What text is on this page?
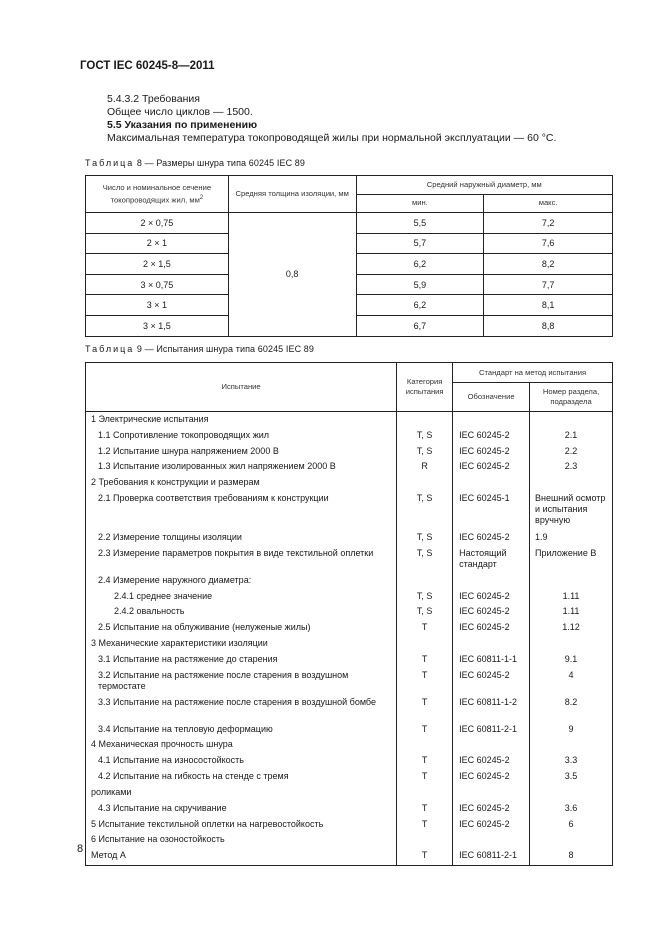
ГОСТ IEC 60245-8—2011
5.4.3.2 Требования
Общее число циклов — 1500.
5.5 Указания по применению
Максимальная температура токопроводящей жилы при нормальной эксплуатации — 60 °С.
Таблица 8 — Размеры шнура типа 60245 IEC 89
Число и номинальное сечение токопроводящих жил, $мм^2$	Средняя толщина изоляции, мм	Средний наружный диаметр, мм	
		мин.	макс.
2 × 0,75	0,8	5,5	7,2
2 × 1		5,7	7,6
2 × 1,5		6,2	8,2
3 × 0,75		5,9	7,7
3 × 1		6,2	8,1
3 × 1,5		6,7	8,8
Таблица 9 — Испытания шнура типа 60245 IEC 89
Испытание	Категория испытания	Стандарт на метод испытания	
		Обозначение	Номер раздела, подраздела
1 Электрические испытания			
1.1 Сопротивление токопроводящих жил	T, S	IEC 60245-2	2.1
1.2 Испытание шнура напряжением 2000 В	T, S	IEC 60245-2	2.2
1.3 Испытание изолированных жил напряжением 2000 В	R	IEC 60245-2	2.3
2 Требования к конструкции и размерам			
2.1 Проверка соответствия требованиям к конструкции	T, S	IEC 60245-1	Внешний осмотр и испытания вручную
2.2 Измерение толщины изоляции	T, S	IEC 60245-2	1.9
2.3 Измерение параметров покрытия в виде текстильной оплетки	T, S	Настоящий стандарт	Приложение В
2.4 Измерение наружного диаметра:			
2.4.1 среднее значение	T, S	IEC 60245-2	1.11
2.4.2 овальность	T, S	IEC 60245-2	1.11
2.5 Испытание на облуживание (нелуженые жилы)	T	IEC 60245-2	1.12
3 Механические характеристики изоляции			
3.1 Испытание на растяжение до старения	T	IEC 60811-1-1	9.1
3.2 Испытание на растяжение после старения в воздушном термостате	T	IEC 60245-2	4
3.3 Испытание на растяжение после старения в воздушной бомбе	T	IEC 60811-1-2	8.2
3.4 Испытание на тепловую деформацию	T	IEC 60811-2-1	9
4 Механическая прочность шнура			
4.1 Испытание на износостойкость	T	IEC 60245-2	3.3
4.2 Испытание на гибкость на стенде с тремя	T	IEC 60245-2	3.5
роликами			
4.3 Испытание на скручивание	T	IEC 60245-2	3.6
5 Испытание текстильной оплетки на нагревостойкость	T	IEC 60245-2	6
6 Испытание на озоностойкость			
Метод А	T	IEC 60811-2-1	8
8
